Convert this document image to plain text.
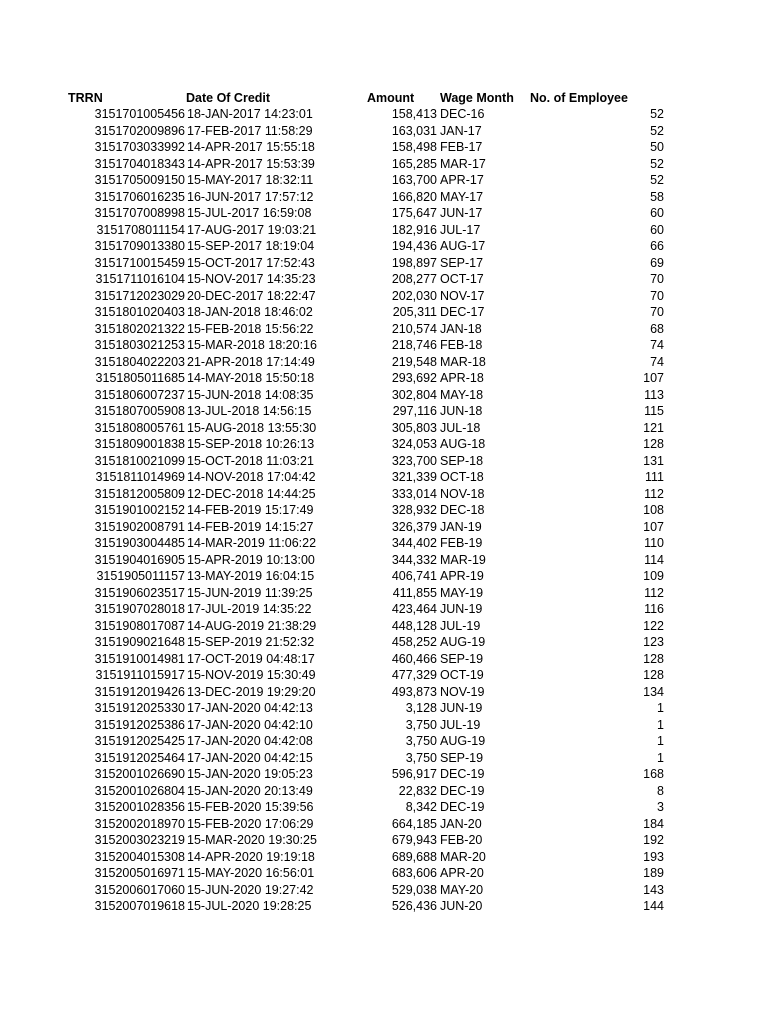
TRRN	Date Of Credit	Amount Wage Month No. of Employee
3151701005456 18-JAN-2017 14:23:01	158,413 DEC-16	52
3151702009896 17-FEB-2017 11:58:29	163,031 JAN-17	52
3151703033992 14-APR-2017 15:55:18	158,498 FEB-17	50
3151704018343 14-APR-2017 15:53:39	165,285 MAR-17	52
3151705009150 15-MAY-2017 18:32:11	163,700 APR-17	52
3151706016235 16-JUN-2017 17:57:12	166,820 MAY-17	58
3151707008998 15-JUL-2017 16:59:08	175,647 JUN-17	60
3151708011154 17-AUG-2017 19:03:21	182,916 JUL-17	60
3151709013380 15-SEP-2017 18:19:04	194,436 AUG-17	66
3151710015459 15-OCT-2017 17:52:43	198,897 SEP-17	69
3151711016104 15-NOV-2017 14:35:23	208,277 OCT-17	70
3151712023029 20-DEC-2017 18:22:47	202,030 NOV-17	70
3151801020403 18-JAN-2018 18:46:02	205,311 DEC-17	70
3151802021322 15-FEB-2018 15:56:22	210,574 JAN-18	68
3151803021253 15-MAR-2018 18:20:16	218,746 FEB-18	74
3151804022203 21-APR-2018 17:14:49	219,548 MAR-18	74
3151805011685 14-MAY-2018 15:50:18	293,692 APR-18	107
3151806007237 15-JUN-2018 14:08:35	302,804 MAY-18	113
3151807005908 13-JUL-2018 14:56:15	297,116 JUN-18	115
3151808005761 15-AUG-2018 13:55:30	305,803 JUL-18	121
3151809001838 15-SEP-2018 10:26:13	324,053 AUG-18	128
3151810021099 15-OCT-2018 11:03:21	323,700 SEP-18	131
3151811014969 14-NOV-2018 17:04:42	321,339 OCT-18	111
3151812005809 12-DEC-2018 14:44:25	333,014 NOV-18	112
3151901002152 14-FEB-2019 15:17:49	328,932 DEC-18	108
3151902008791 14-FEB-2019 14:15:27	326,379 JAN-19	107
3151903004485 14-MAR-2019 11:06:22	344,402 FEB-19	110
3151904016905 15-APR-2019 10:13:00	344,332 MAR-19	114
3151905011157 13-MAY-2019 16:04:15	406,741 APR-19	109
3151906023517 15-JUN-2019 11:39:25	411,855 MAY-19	112
3151907028018 17-JUL-2019 14:35:22	423,464 JUN-19	116
3151908017087 14-AUG-2019 21:38:29	448,128 JUL-19	122
3151909021648 15-SEP-2019 21:52:32	458,252 AUG-19	123
3151910014981 17-OCT-2019 04:48:17	460,466 SEP-19	128
3151911015917 15-NOV-2019 15:30:49	477,329 OCT-19	128
3151912019426 13-DEC-2019 19:29:20	493,873 NOV-19	134
3151912025330 17-JAN-2020 04:42:13	3,128 JUN-19	1
3151912025386 17-JAN-2020 04:42:10	3,750 JUL-19	1
3151912025425 17-JAN-2020 04:42:08	3,750 AUG-19	1
3151912025464 17-JAN-2020 04:42:15	3,750 SEP-19	1
3152001026690 15-JAN-2020 19:05:23	596,917 DEC-19	168
3152001026804 15-JAN-2020 20:13:49	22,832 DEC-19	8
3152001028356 15-FEB-2020 15:39:56	8,342 DEC-19	3
3152002018970 15-FEB-2020 17:06:29	664,185 JAN-20	184
3152003023219 15-MAR-2020 19:30:25	679,943 FEB-20	192
3152004015308 14-APR-2020 19:19:18	689,688 MAR-20	193
3152005016971 15-MAY-2020 16:56:01	683,606 APR-20	189
3152006017060 15-JUN-2020 19:27:42	529,038 MAY-20	143
3152007019618 15-JUL-2020 19:28:25	526,436 JUN-20	144
